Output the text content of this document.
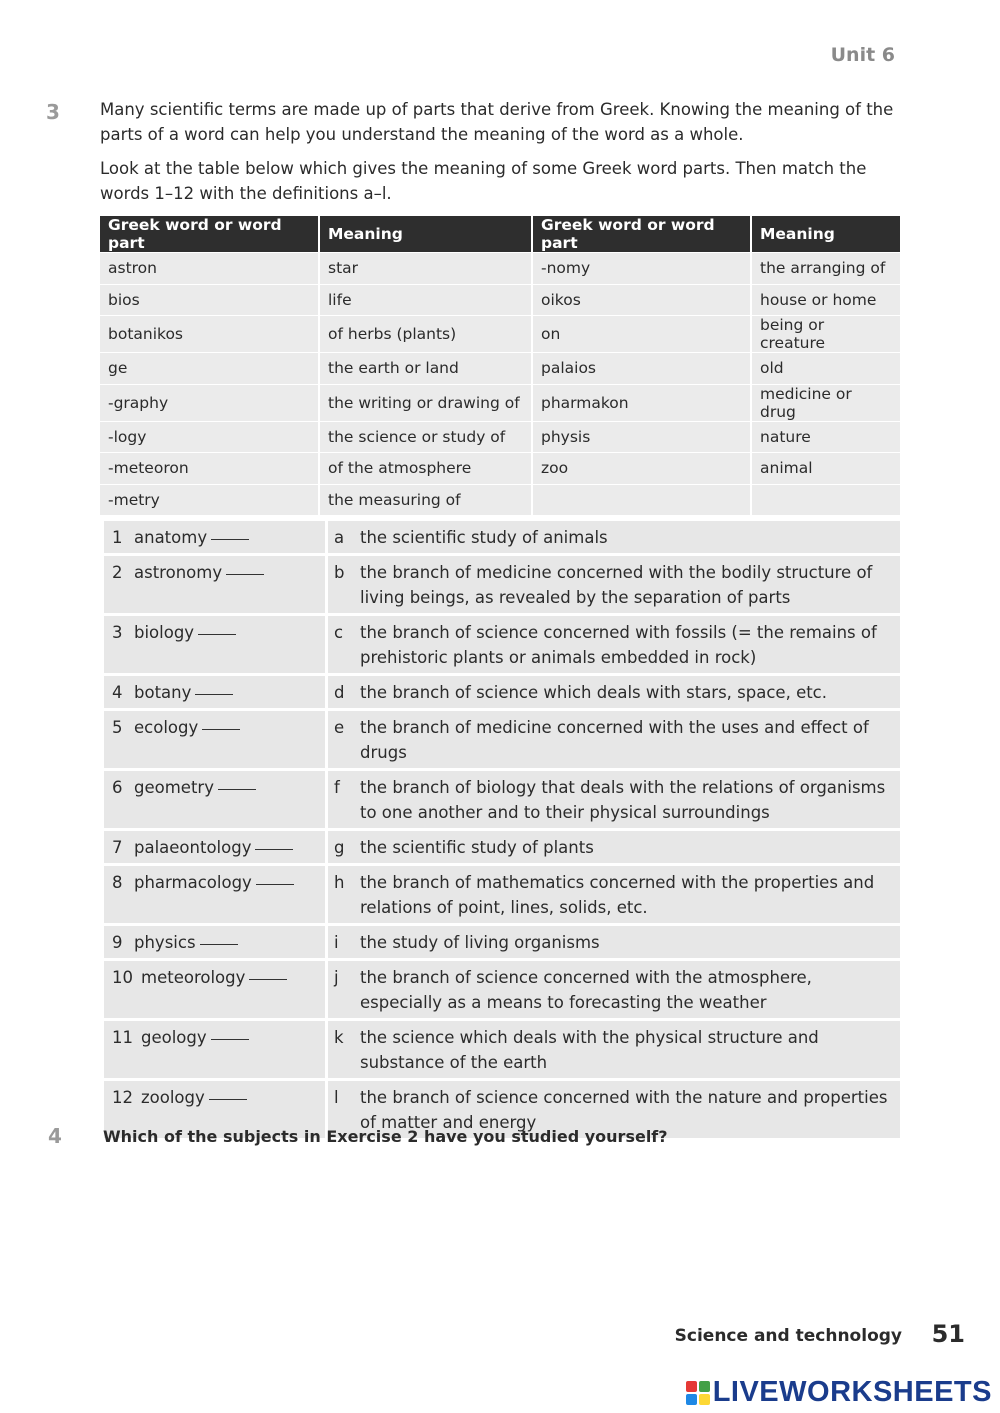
Unit 6
3 Many scientific terms are made up of parts that derive from Greek. Knowing the meaning of the parts of a word can help you understand the meaning of the word as a whole.
Look at the table below which gives the meaning of some Greek word parts. Then match the words 1–12 with the definitions a–l.
Greek word or word part	Meaning	Greek word or word part	Meaning
astron	star	-nomy	the arranging of
bios	life	oikos	house or home
botanikos	of herbs (plants)	on	being or creature
ge	the earth or land	palaios	old
-graphy	the writing or drawing of	pharmakon	medicine or drug
-logy	the science or study of	physis	nature
-meteoron	of the atmosphere	zoo	animal
-metry	the measuring of		
1 anatomy	a the scientific study of animals
2 astronomy	b the branch of medicine concerned with the bodily structure of living beings, as revealed by the separation of parts
3 biology	c the branch of science concerned with fossils (= the remains of prehistoric plants or animals embedded in rock)
4 botany	d the branch of science which deals with stars, space, etc.
5 ecology	e the branch of medicine concerned with the uses and effect of drugs
6 geometry	f the branch of biology that deals with the relations of organisms to one another and to their physical surroundings
7 palaeontology	g the scientific study of plants
8 pharmacology	h the branch of mathematics concerned with the properties and relations of point, lines, solids, etc.
9 physics	i the study of living organisms
10 meteorology	j the branch of science concerned with the atmosphere, especially as a means to forecasting the weather
11 geology	k the science which deals with the physical structure and substance of the earth
12 zoology	l the branch of science concerned with the nature and properties of matter and energy
4	Which of the subjects in Exercise 2 have you studied yourself?
Science and technology 51
LIVEWORKSHEETS
